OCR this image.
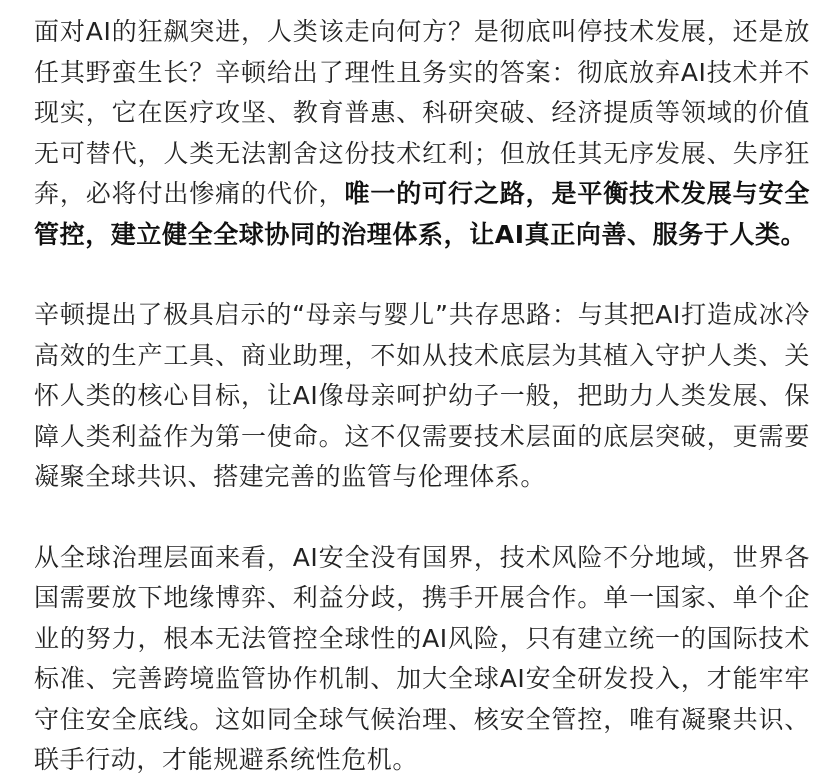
面对AI的狂飙突进，人类该走向何方？是彻底叫停技术发展，还是放任其野蛮生长？辛顿给出了理性且务实的答案：彻底放弃AI技术并不现实，它在医疗攻坚、教育普惠、科研突破、经济提质等领域的价值无可替代，人类无法割舍这份技术红利；但放任其无序发展、失序狂奔，必将付出惨痛的代价，唯一的可行之路，是平衡技术发展与安全管控，建立健全全球协同的治理体系，让AI真正向善、服务于人类。

辛顿提出了极具启示的“母亲与婴儿”共存思路：与其把AI打造成冰冷高效的生产工具、商业助理，不如从技术底层为其植入守护人类、关怀人类的核心目标，让AI像母亲呵护幼子一般，把助力人类发展、保障人类利益作为第一使命。这不仅需要技术层面的底层突破，更需要凝聚全球共识、搭建完善的监管与伦理体系。

从全球治理层面来看，AI安全没有国界，技术风险不分地域，世界各国需要放下地缘博弈、利益分歧，携手开展合作。单一国家、单个企业的努力，根本无法管控全球性的AI风险，只有建立统一的国际技术标准、完善跨境监管协作机制、加大全球AI安全研发投入，才能牢牢守住安全底线。这如同全球气候治理、核安全管控，唯有凝聚共识、联手行动，才能规避系统性危机。
